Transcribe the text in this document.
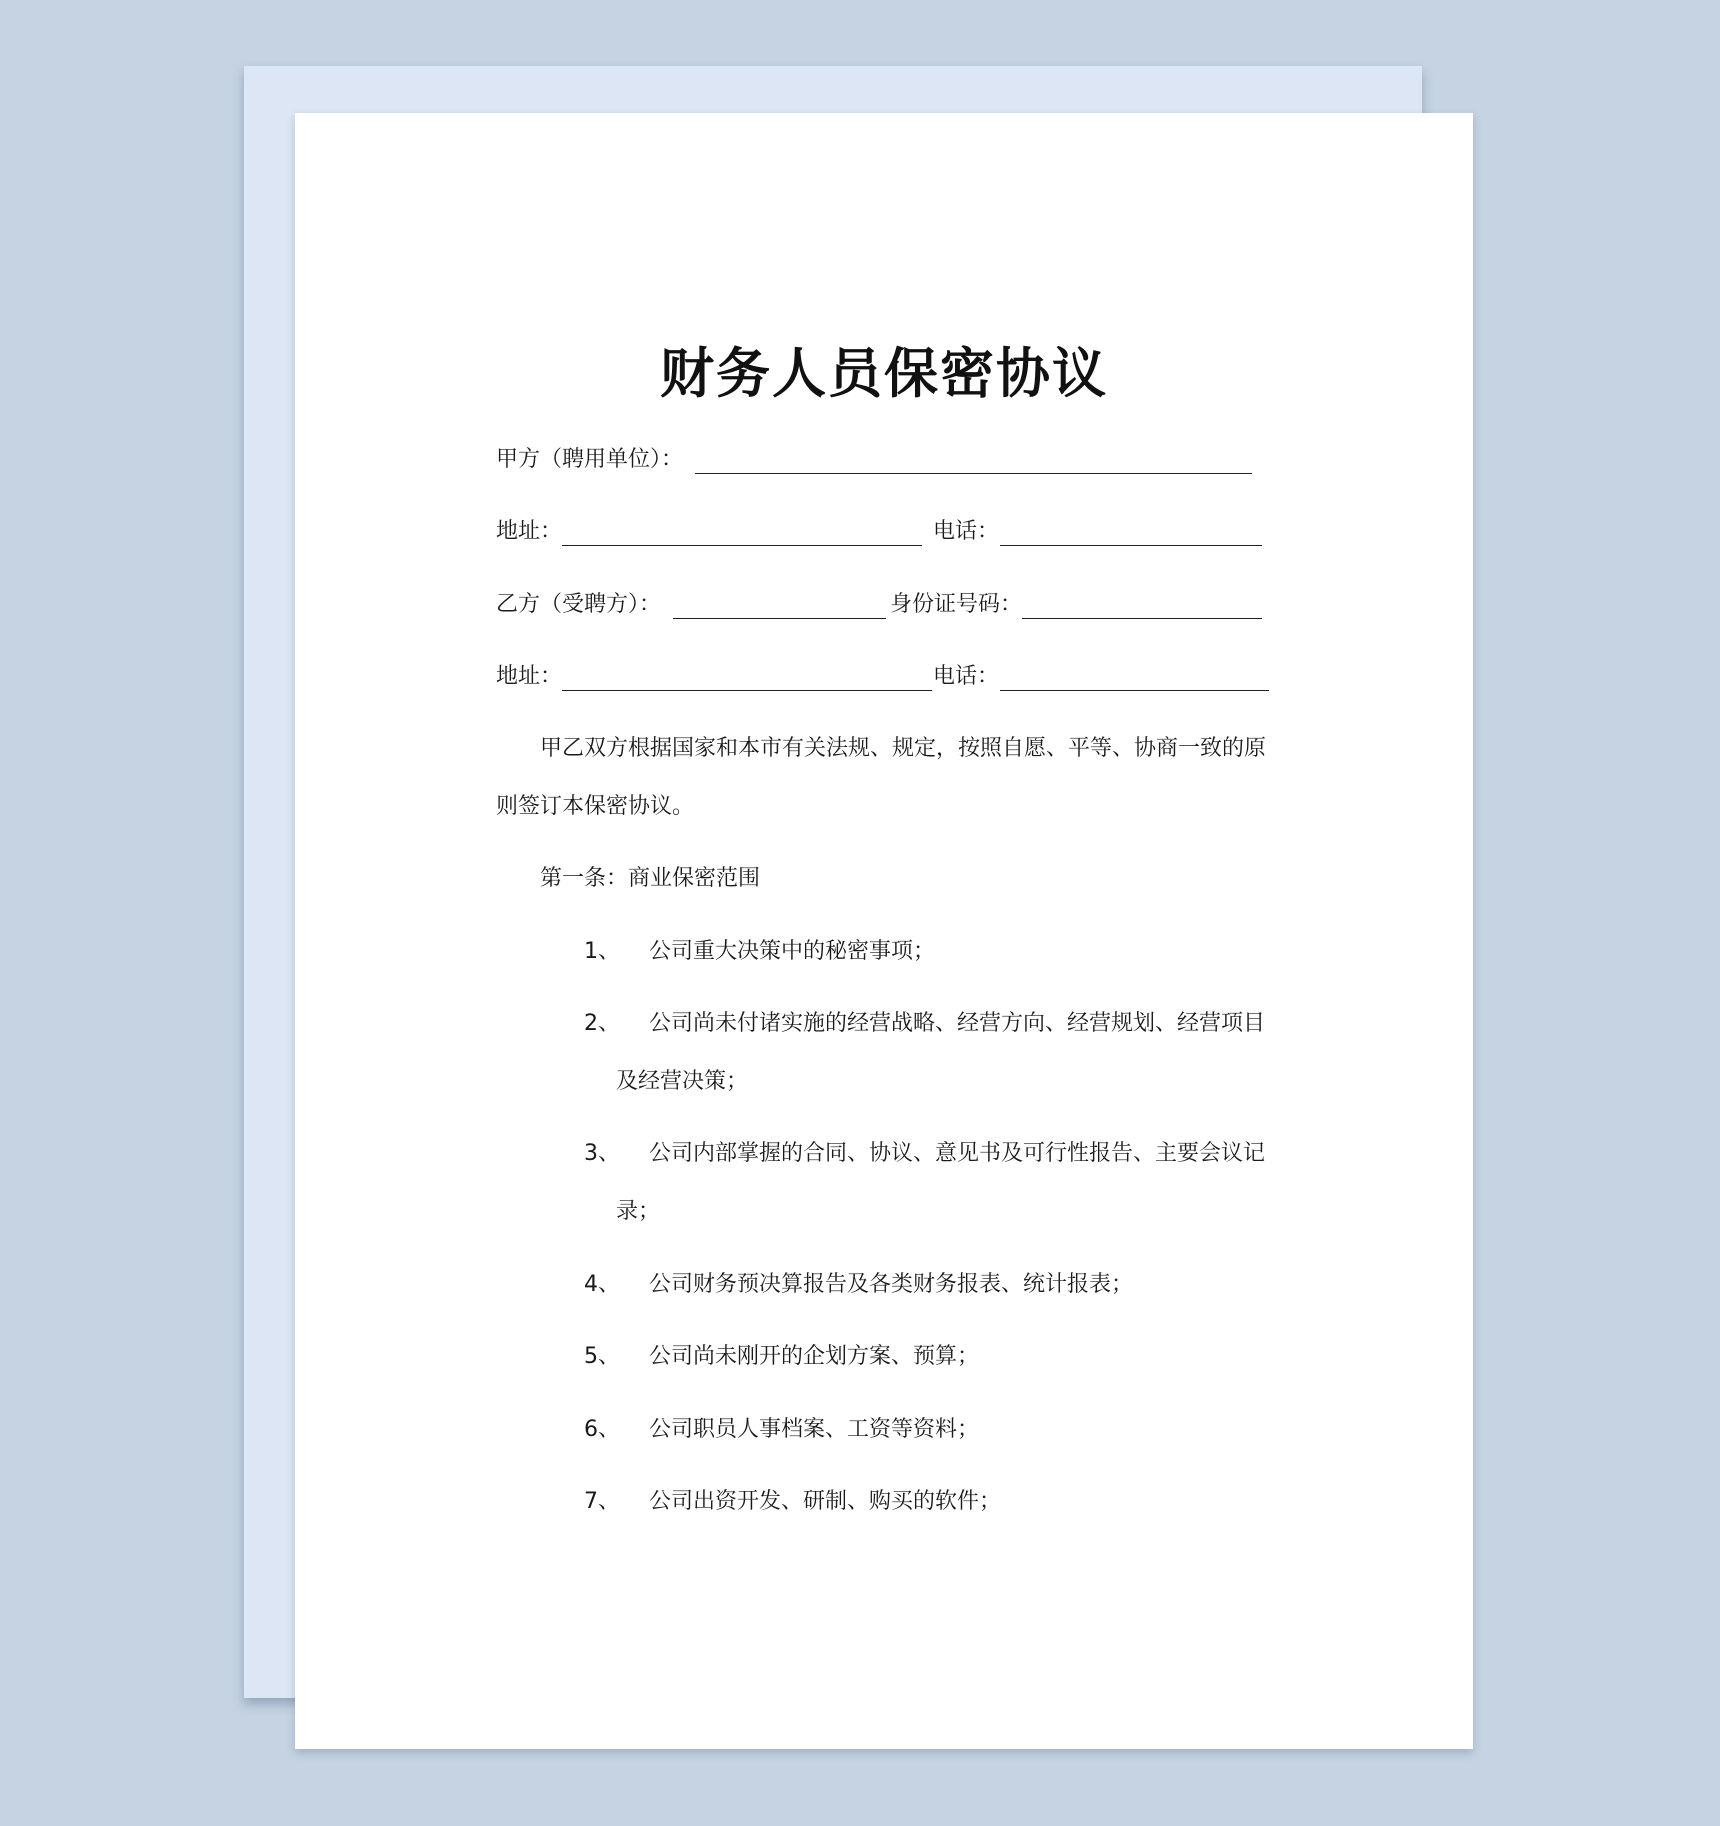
财务人员保密协议
甲方（聘用单位）：
地址：	电话：
乙方（受聘方）：	身份证号码：
地址：	电话：
甲乙双方根据国家和本市有关法规、规定，按照自愿、平等、协商一致的原
则签订本保密协议。
第一条：商业保密范围
1、 公司重大决策中的秘密事项；
2、 公司尚未付诸实施的经营战略、经营方向、经营规划、经营项目
及经营决策；
3、 公司内部掌握的合同、协议、意见书及可行性报告、主要会议记
录；
4、 公司财务预决算报告及各类财务报表、统计报表；
5、 公司尚未刚开的企划方案、预算；
6、 公司职员人事档案、工资等资料；
7、 公司出资开发、研制、购买的软件；
